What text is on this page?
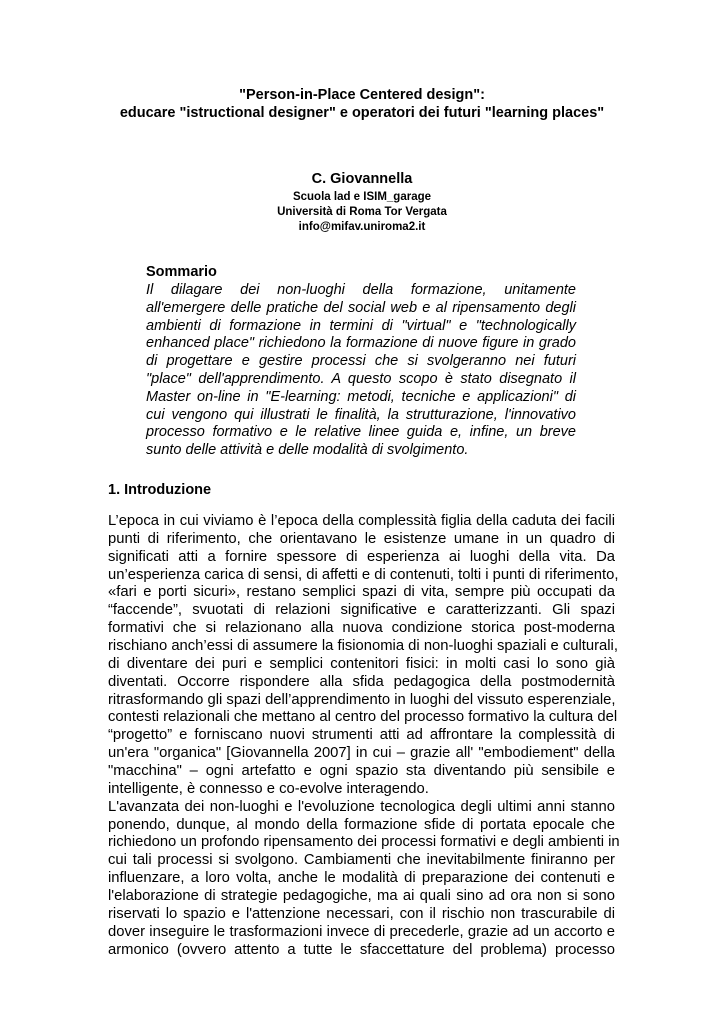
"Person-in-Place Centered design":
educare "istructional designer" e operatori dei futuri "learning places"
C. Giovannella
Scuola lad e ISIM_garage
Università di Roma Tor Vergata
info@mifav.uniroma2.it
Sommario
Il dilagare dei non-luoghi della formazione, unitamente
all'emergere delle pratiche del social web e al ripensamento degli
ambienti di formazione in termini di "virtual" e "technologically
enhanced place" richiedono la formazione di nuove figure in grado
di progettare e gestire processi che si svolgeranno nei futuri
"place" dell'apprendimento. A questo scopo è stato disegnato il
Master on-line in "E-learning: metodi, tecniche e applicazioni" di
cui vengono qui illustrati le finalità, la strutturazione, l'innovativo
processo formativo e le relative linee guida e, infine, un breve
sunto delle attività e delle modalità di svolgimento.
1. Introduzione
L’epoca in cui viviamo è l’epoca della complessità figlia della caduta dei facili
punti di riferimento, che orientavano le esistenze umane in un quadro di
significati atti a fornire spessore di esperienza ai luoghi della vita. Da
un’esperienza carica di sensi, di affetti e di contenuti, tolti i punti di riferimento,
«fari e porti sicuri», restano semplici spazi di vita, sempre più occupati da
“faccende”, svuotati di relazioni significative e caratterizzanti. Gli spazi
formativi che si relazionano alla nuova condizione storica post-moderna
rischiano anch’essi di assumere la fisionomia di non-luoghi spaziali e culturali,
di diventare dei puri e semplici contenitori fisici: in molti casi lo sono già
diventati. Occorre rispondere alla sfida pedagogica della postmodernità
ritrasformando gli spazi dell’apprendimento in luoghi del vissuto esperenziale,
contesti relazionali che mettano al centro del processo formativo la cultura del
“progetto” e forniscano nuovi strumenti atti ad affrontare la complessità di
un'era "organica" [Giovannella 2007] in cui – grazie all' "embodiement" della
"macchina" – ogni artefatto e ogni spazio sta diventando più sensibile e
intelligente, è connesso e co-evolve interagendo.
L'avanzata dei non-luoghi e l'evoluzione tecnologica degli ultimi anni stanno
ponendo, dunque, al mondo della formazione sfide di portata epocale che
richiedono un profondo ripensamento dei processi formativi e degli ambienti in
cui tali processi si svolgono. Cambiamenti che inevitabilmente finiranno per
influenzare, a loro volta, anche le modalità di preparazione dei contenuti e
l'elaborazione di strategie pedagogiche, ma ai quali sino ad ora non si sono
riservati lo spazio e l'attenzione necessari, con il rischio non trascurabile di
dover inseguire le trasformazioni invece di precederle, grazie ad un accorto e
armonico (ovvero attento a tutte le sfaccettature del problema) processo
